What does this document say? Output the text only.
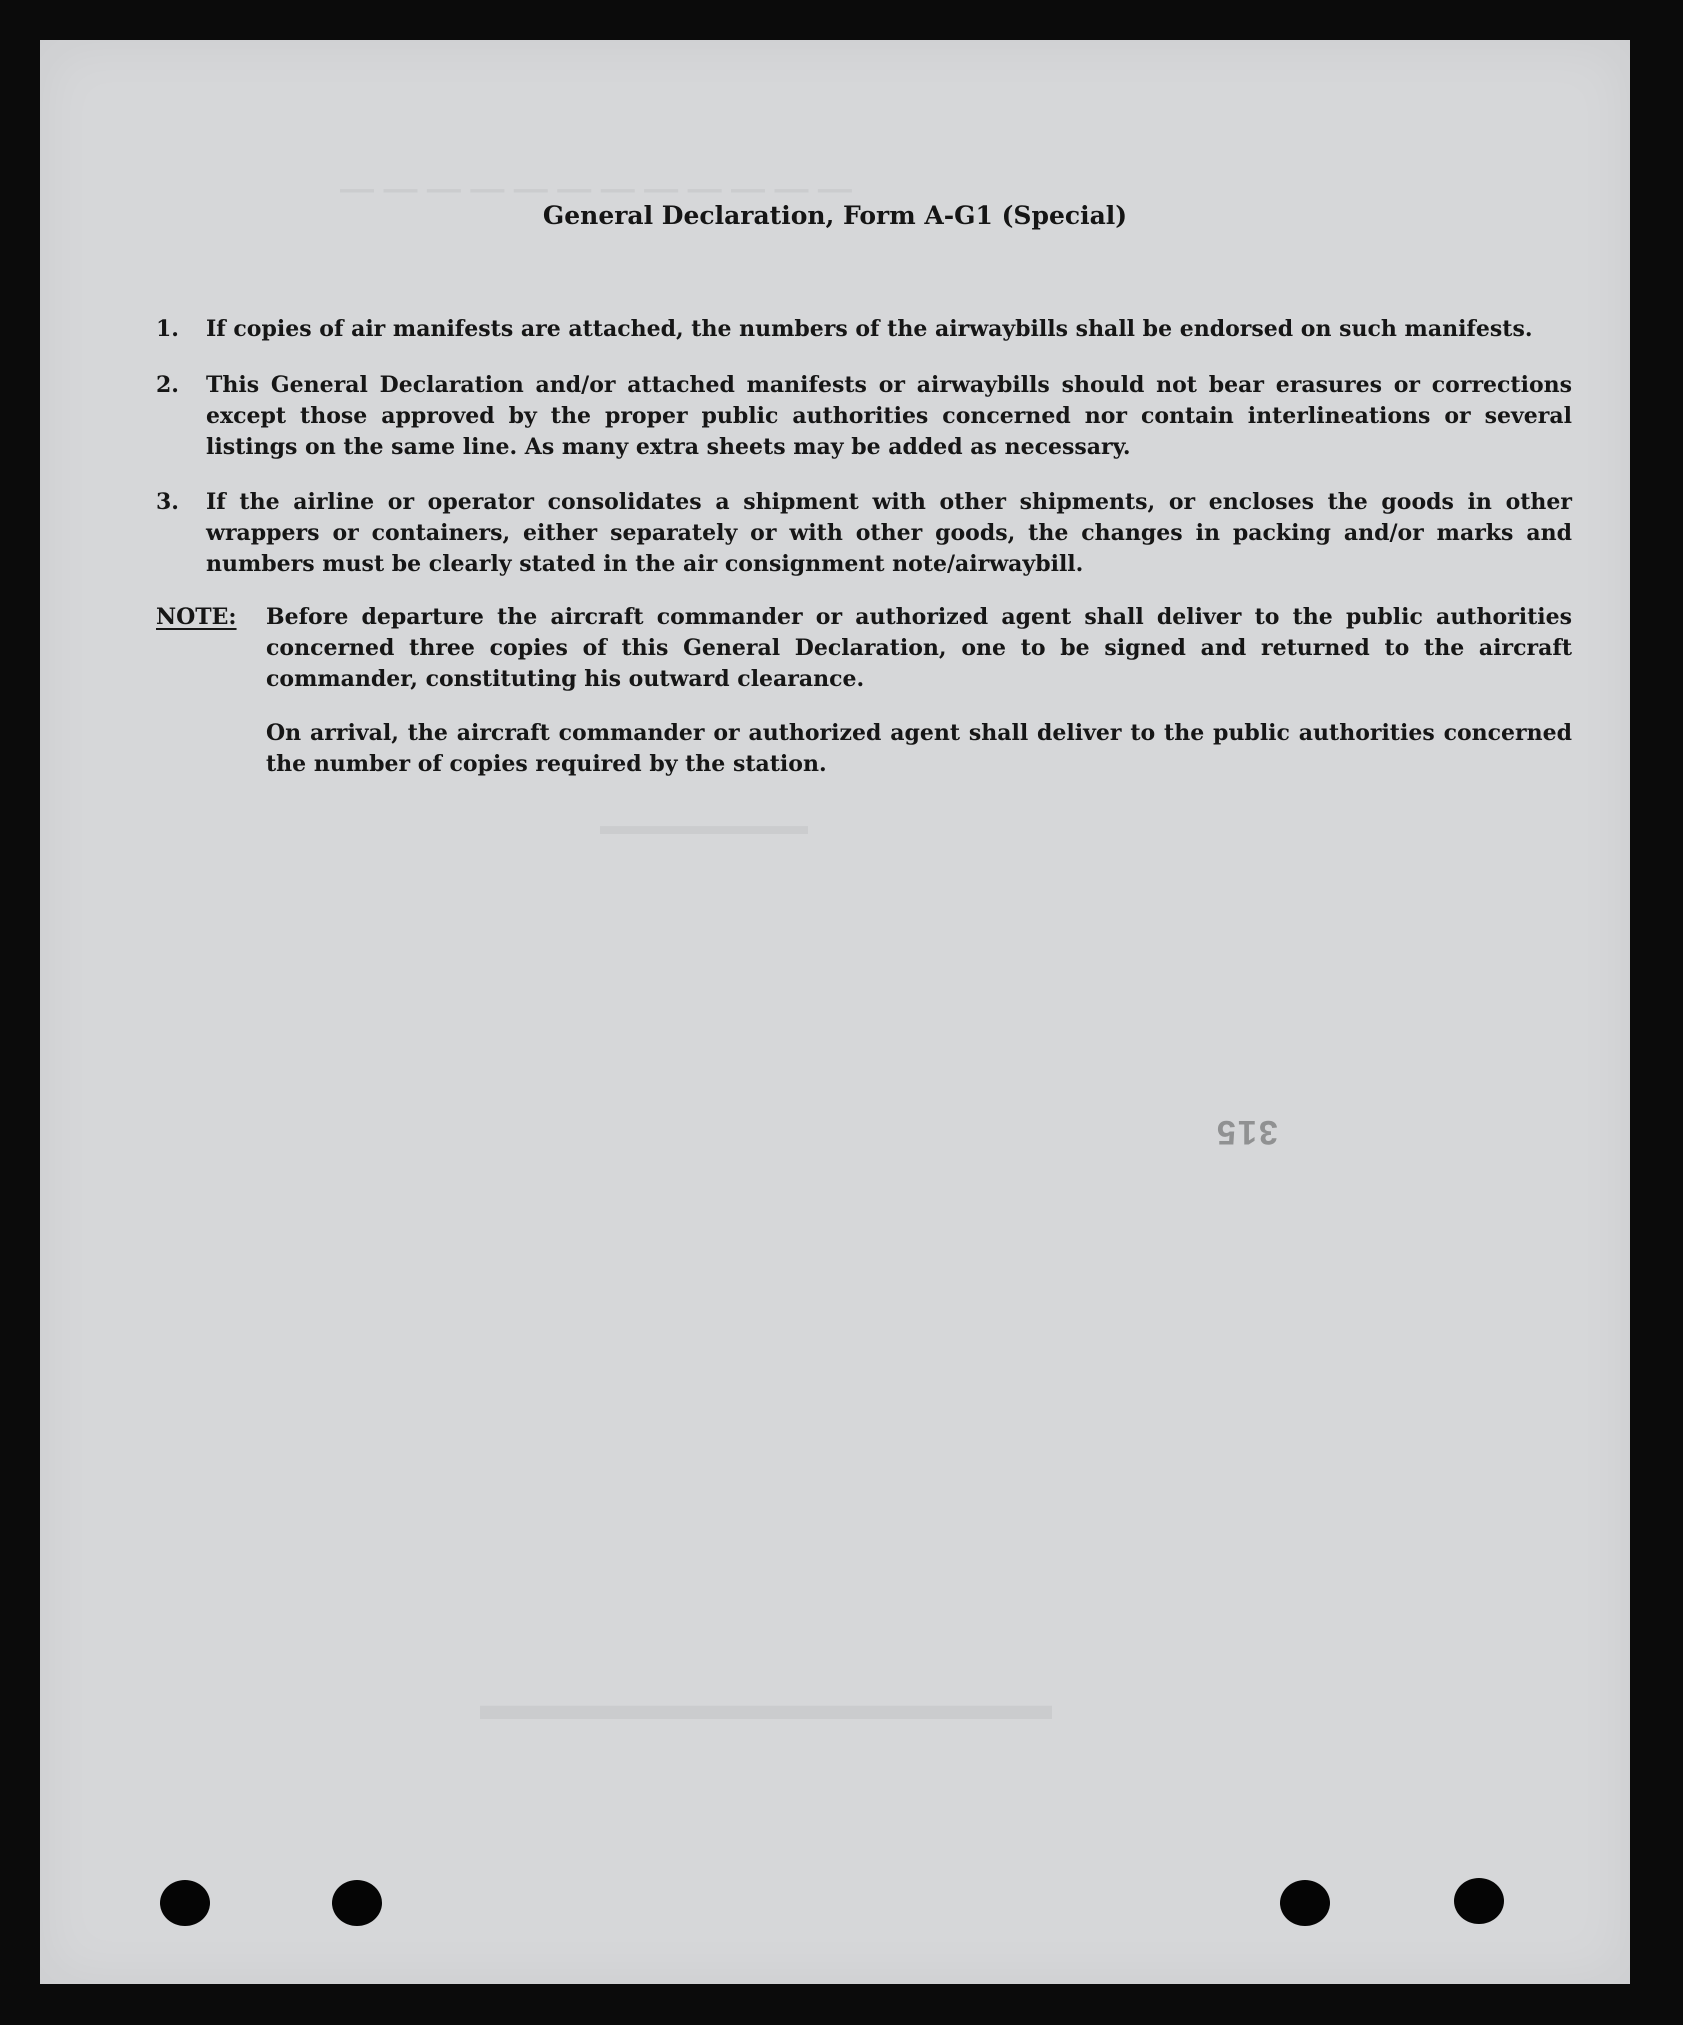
— — — — — — — — — — — —
▬▬▬▬▬▬▬▬▬▬▬▬▬
▬▬▬▬▬▬▬▬
General Declaration, Form A-G1 (Special)
1.	If copies of air manifests are attached, the numbers of the airwaybills shall be endorsed on such manifests.
2.	This General Declaration and/or attached manifests or airwaybills should not bear erasures or corrections except those approved by the proper public authorities concerned nor contain interlineations or several listings on the same line. As many extra sheets may be added as necessary.
3.	If the airline or operator consolidates a shipment with other shipments, or encloses the goods in other wrappers or containers, either separately or with other goods, the changes in packing and/or marks and numbers must be clearly stated in the air consignment note/airwaybill.
NOTE: Before departure the aircraft commander or authorized agent shall deliver to the public authorities concerned three copies of this General Declaration, one to be signed and returned to the aircraft commander, constituting his outward clearance.
On arrival, the aircraft commander or authorized agent shall deliver to the public authorities concerned the number of copies required by the station.
315
